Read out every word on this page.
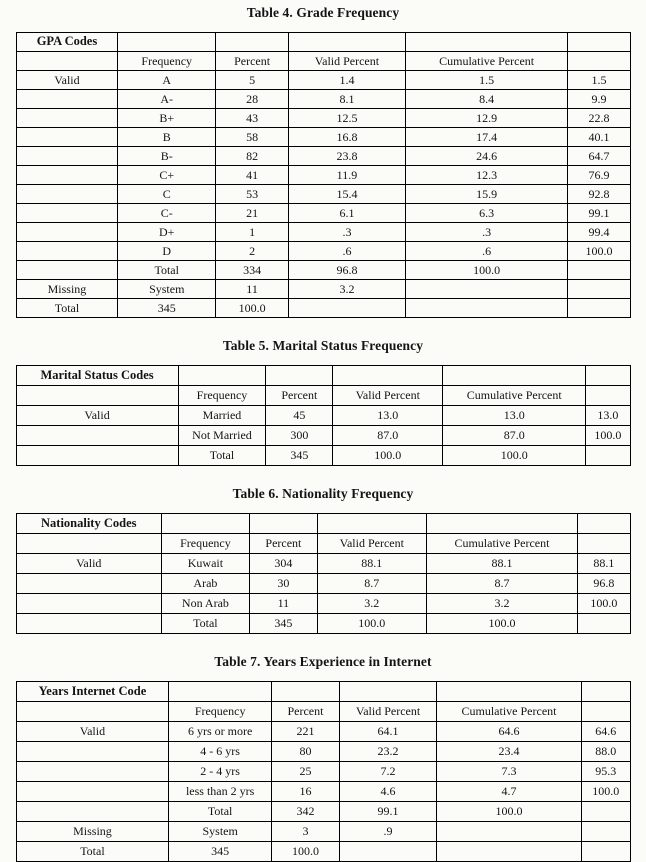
Table 4. Grade Frequency
GPA Codes					
	Frequency	Percent	Valid Percent	Cumulative Percent	
Valid	A	5	1.4	1.5	1.5
	A-	28	8.1	8.4	9.9
	B+	43	12.5	12.9	22.8
	B	58	16.8	17.4	40.1
	B-	82	23.8	24.6	64.7
	C+	41	11.9	12.3	76.9
	C	53	15.4	15.9	92.8
	C-	21	6.1	6.3	99.1
	D+	1	.3	.3	99.4
	D	2	.6	.6	100.0
	Total	334	96.8	100.0	
Missing	System	11	3.2		
Total	345	100.0			
Table 5. Marital Status Frequency
Marital Status Codes					
	Frequency	Percent	Valid Percent	Cumulative Percent	
Valid	Married	45	13.0	13.0	13.0
	Not Married	300	87.0	87.0	100.0
	Total	345	100.0	100.0	
Table 6. Nationality Frequency
Nationality Codes					
	Frequency	Percent	Valid Percent	Cumulative Percent	
Valid	Kuwait	304	88.1	88.1	88.1
	Arab	30	8.7	8.7	96.8
	Non Arab	11	3.2	3.2	100.0
	Total	345	100.0	100.0	
Table 7. Years Experience in Internet
Years Internet Code					
	Frequency	Percent	Valid Percent	Cumulative Percent	
Valid	6 yrs or more	221	64.1	64.6	64.6
	4 - 6 yrs	80	23.2	23.4	88.0
	2 - 4 yrs	25	7.2	7.3	95.3
	less than 2 yrs	16	4.6	4.7	100.0
	Total	342	99.1	100.0	
Missing	System	3	.9		
Total	345	100.0			
